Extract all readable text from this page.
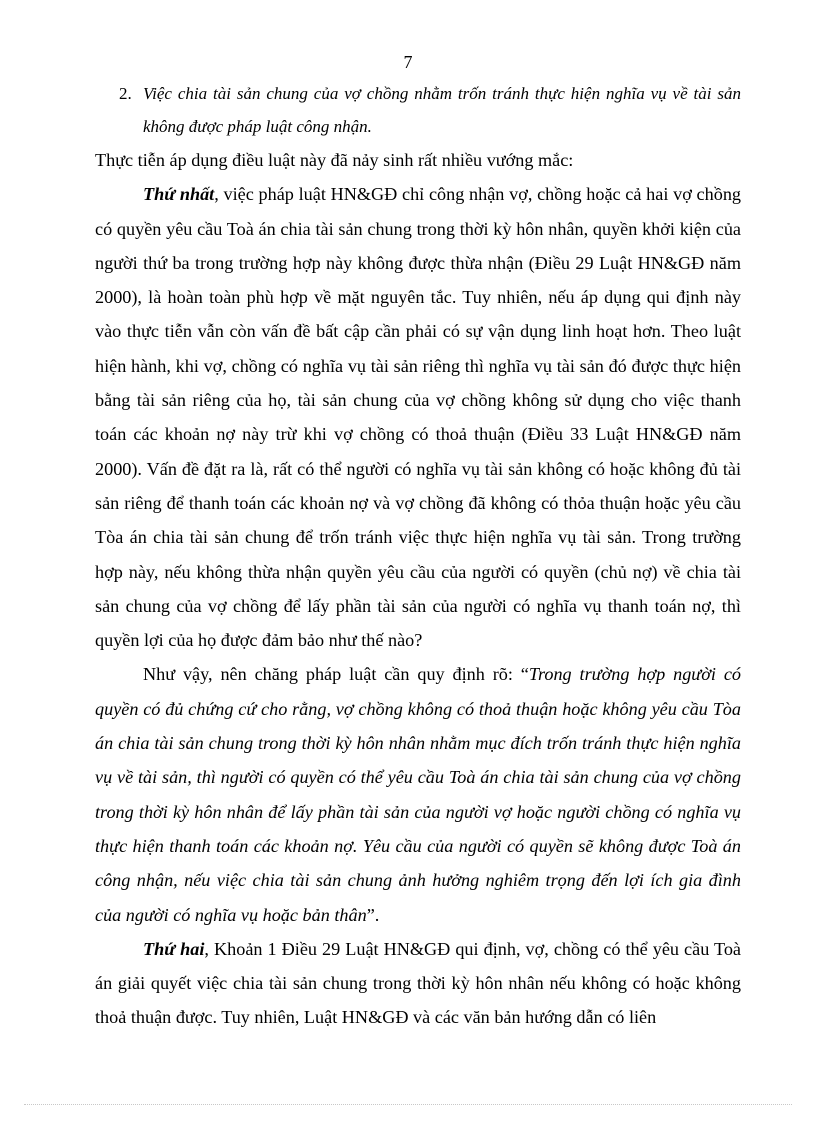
7
2. Việc chia tài sản chung của vợ chồng nhằm trốn tránh thực hiện nghĩa vụ về tài sản không được pháp luật công nhận.

Thực tiễn áp dụng điều luật này đã nảy sinh rất nhiều vướng mắc:

Thứ nhất, việc pháp luật HN&GĐ chỉ công nhận vợ, chồng hoặc cả hai vợ chồng có quyền yêu cầu Toà án chia tài sản chung trong thời kỳ hôn nhân, quyền khởi kiện của người thứ ba trong trường hợp này không được thừa nhận (Điều 29 Luật HN&GĐ năm 2000), là hoàn toàn phù hợp về mặt nguyên tắc. Tuy nhiên, nếu áp dụng qui định này vào thực tiễn vẫn còn vấn đề bất cập cần phải có sự vận dụng linh hoạt hơn. Theo luật hiện hành, khi vợ, chồng có nghĩa vụ tài sản riêng thì nghĩa vụ tài sản đó được thực hiện bằng tài sản riêng của họ, tài sản chung của vợ chồng không sử dụng cho việc thanh toán các khoản nợ này trừ khi vợ chồng có thoả thuận (Điều 33 Luật HN&GĐ năm 2000). Vấn đề đặt ra là, rất có thể người có nghĩa vụ tài sản không có hoặc không đủ tài sản riêng để thanh toán các khoản nợ và vợ chồng đã không có thỏa thuận hoặc yêu cầu Tòa án chia tài sản chung để trốn tránh việc thực hiện nghĩa vụ tài sản. Trong trường hợp này, nếu không thừa nhận quyền yêu cầu của người có quyền (chủ nợ) về chia tài sản chung của vợ chồng để lấy phần tài sản của người có nghĩa vụ thanh toán nợ, thì quyền lợi của họ được đảm bảo như thế nào?

Như vậy, nên chăng pháp luật cần quy định rõ: “Trong trường hợp người có quyền có đủ chứng cứ cho rằng, vợ chồng không có thoả thuận hoặc không yêu cầu Tòa án chia tài sản chung trong thời kỳ hôn nhân nhằm mục đích trốn tránh thực hiện nghĩa vụ về tài sản, thì người có quyền có thể yêu cầu Toà án chia tài sản chung của vợ chồng trong thời kỳ hôn nhân để lấy phần tài sản của người vợ hoặc người chồng có nghĩa vụ thực hiện thanh toán các khoản nợ. Yêu cầu của người có quyền sẽ không được Toà án công nhận, nếu việc chia tài sản chung ảnh hưởng nghiêm trọng đến lợi ích gia đình của người có nghĩa vụ hoặc bản thân”.

Thứ hai, Khoản 1 Điều 29 Luật HN&GĐ qui định, vợ, chồng có thể yêu cầu Toà án giải quyết việc chia tài sản chung trong thời kỳ hôn nhân nếu không có hoặc không thoả thuận được. Tuy nhiên, Luật HN&GĐ và các văn bản hướng dẫn có liên
